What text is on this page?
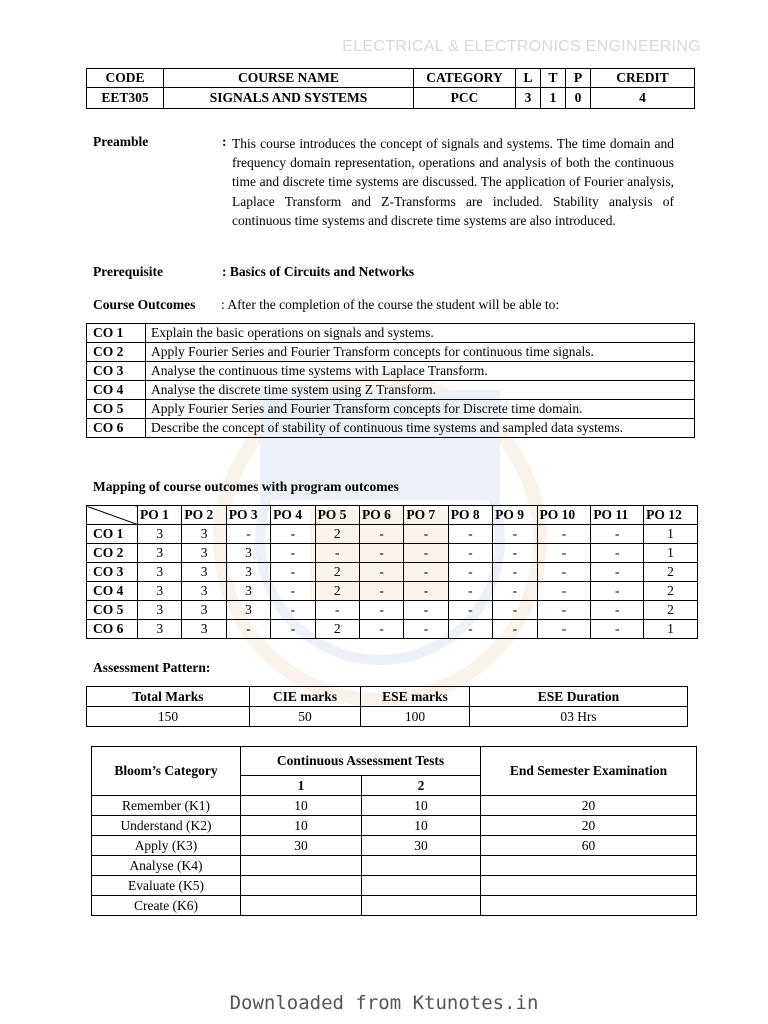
ELECTRICAL & ELECTRONICS ENGINEERING
CODE	COURSE NAME	CATEGORY	L	T	P	CREDIT
EET305	SIGNALS AND SYSTEMS	PCC	3	1	0	4
Preamble	: This course introduces the concept of signals and systems. The time domain and frequency domain representation, operations and analysis of both the continuous time and discrete time systems are discussed. The application of Fourier analysis, Laplace Transform and Z-Transforms are included. Stability analysis of continuous time systems and discrete time systems are also introduced.
Prerequisite	: Basics of Circuits and Networks
Course Outcomes : After the completion of the course the student will be able to:
CO 1	Explain the basic operations on signals and systems.
CO 2	Apply Fourier Series and Fourier Transform concepts for continuous time signals.
CO 3	Analyse the continuous time systems with Laplace Transform.
CO 4	Analyse the discrete time system using Z Transform.
CO 5	Apply Fourier Series and Fourier Transform concepts for Discrete time domain.
CO 6	Describe the concept of stability of continuous time systems and sampled data systems.
Mapping of course outcomes with program outcomes
	PO 1	PO 2	PO 3	PO 4	PO 5	PO 6	PO 7	PO 8	PO 9	PO 10	PO 11	PO 12
CO 1	3	3	-	-	2	-	-	-	-	-	-	1
CO 2	3	3	3	-	-	-	-	-	-	-	-	1
CO 3	3	3	3	-	2	-	-	-	-	-	-	2
CO 4	3	3	3	-	2	-	-	-	-	-	-	2
CO 5	3	3	3	-	-	-	-	-	-	-	-	2
CO 6	3	3	-	-	2	-	-	-	-	-	-	1
Assessment Pattern:
Total Marks	CIE marks	ESE marks	ESE Duration
150	50	100	03 Hrs
Bloom’s Category	Continuous Assessment Tests		End Semester Examination
	1	2	
Remember (K1)	10	10	20
Understand (K2)	10	10	20
Apply (K3)	30	30	60
Analyse (K4)			
Evaluate (K5)			
Create (K6)			
Downloaded from Ktunotes.in
